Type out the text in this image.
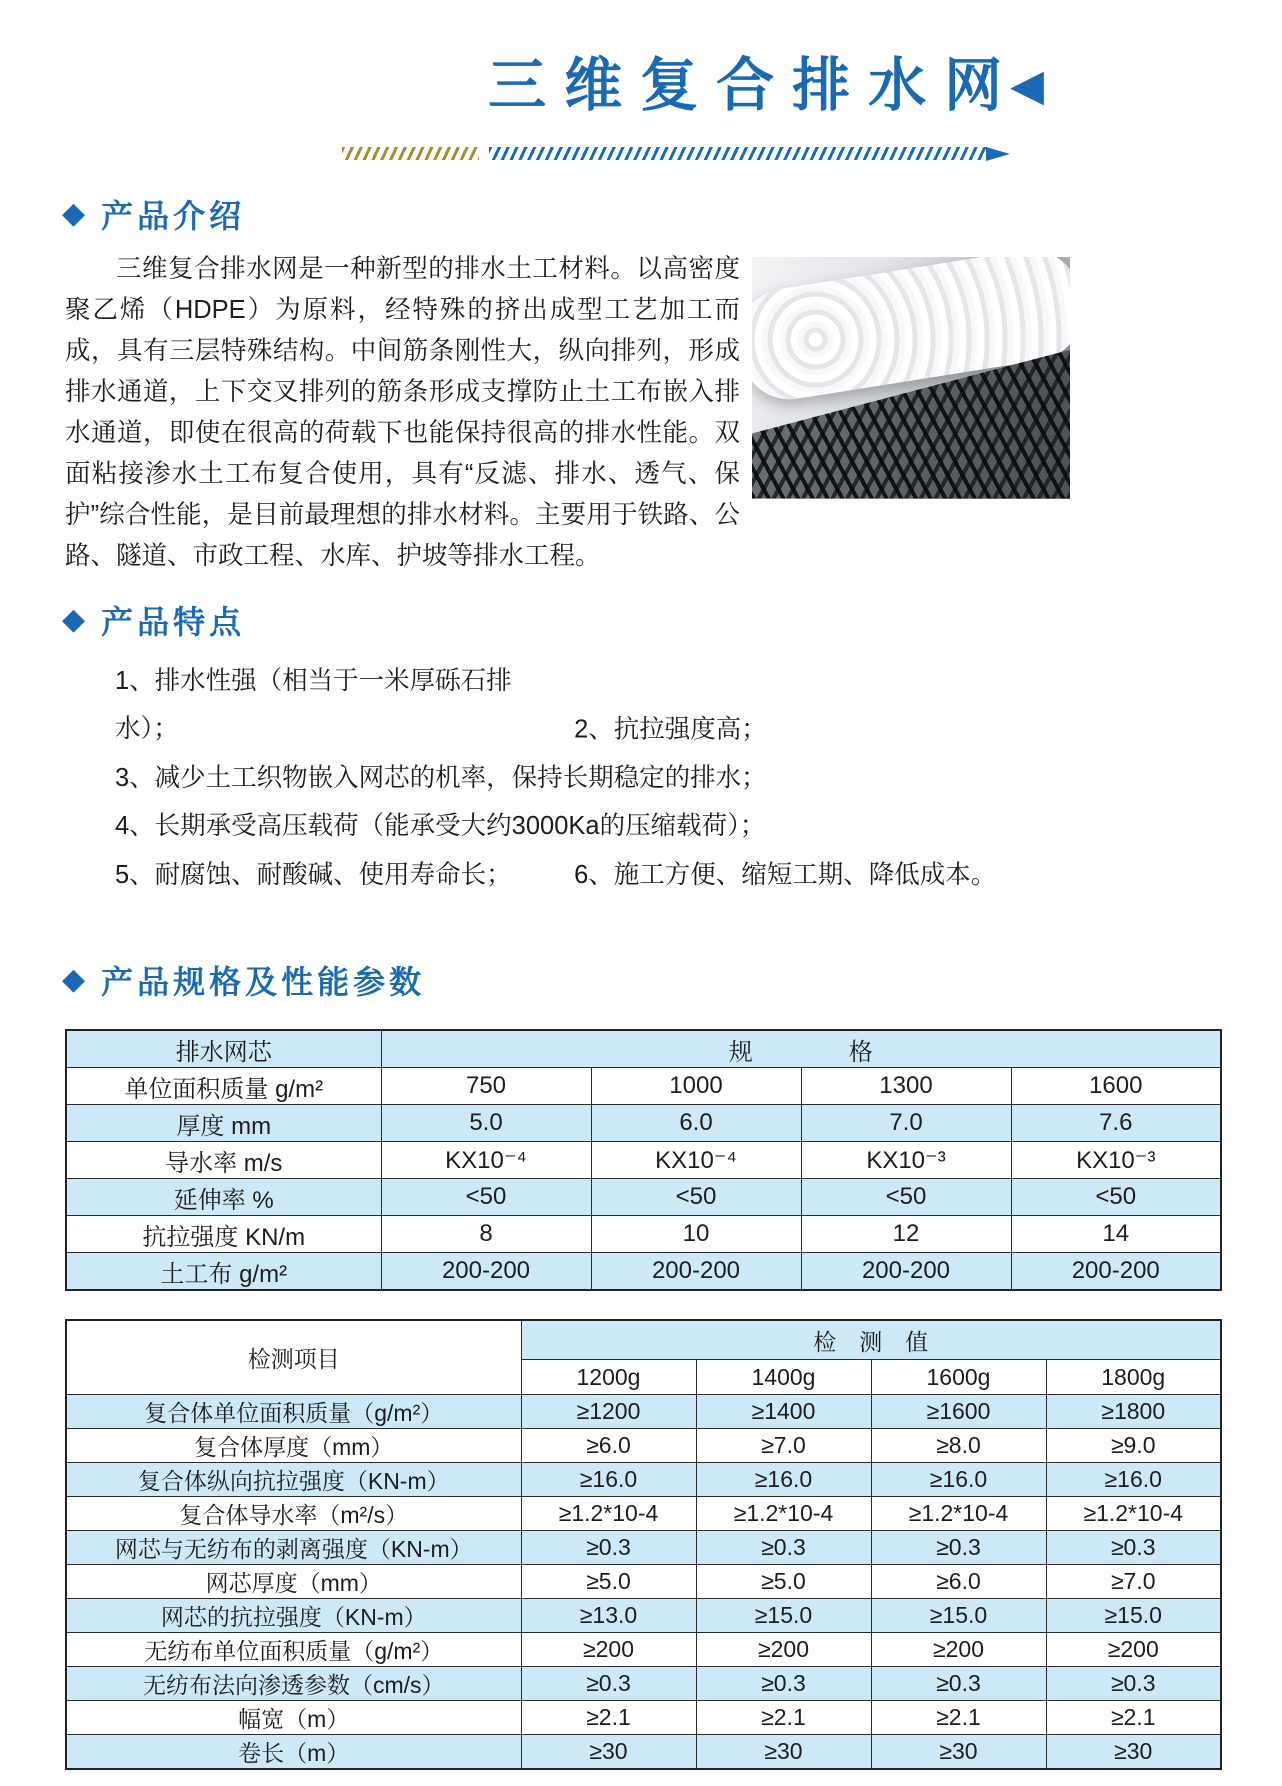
三维复合排水网
◀
◆ 产品介绍

三维复合排水网是一种新型的排水土工材料。以高密度聚乙烯（HDPE）为原料，经特殊的挤出成型工艺加工而成，具有三层特殊结构。中间筋条刚性大，纵向排列，形成排水通道，上下交叉排列的筋条形成支撑防止土工布嵌入排水通道，即使在很高的荷载下也能保持很高的排水性能。双面粘接渗水土工布复合使用，具有“反滤、排水、透气、保护”综合性能，是目前最理想的排水材料。主要用于铁路、公路、隧道、市政工程、水库、护坡等排水工程。

◆ 产品特点
1、排水性强（相当于一米厚砾石排水）；	2、抗拉强度高；
3、减少土工织物嵌入网芯的机率，保持长期稳定的排水；
4、长期承受高压载荷（能承受大约3000Ka的压缩载荷）；
5、耐腐蚀、耐酸碱、使用寿命长； 6、施工方便、缩短工期、降低成本。
◆ 产品规格及性能参数
排水网芯	规　　　　格			
单位面积质量 g/m²	750	1000	1300	1600
厚度 mm	5.0	6.0	7.0	7.6
导水率 m/s	KX10⁻⁴	KX10⁻⁴	KX10⁻³	KX10⁻³
延伸率 %	<50	<50	<50	<50
抗拉强度 KN/m	8	10	12	14
土工布 g/m²	200-200	200-200	200-200	200-200
检测项目	检　测　值			
	1200g	1400g	1600g	1800g
复合体单位面积质量（g/m²）	≥1200	≥1400	≥1600	≥1800
复合体厚度（mm）	≥6.0	≥7.0	≥8.0	≥9.0
复合体纵向抗拉强度（KN-m）	≥16.0	≥16.0	≥16.0	≥16.0
复合体导水率（m²/s）	≥1.2*10-4	≥1.2*10-4	≥1.2*10-4	≥1.2*10-4
网芯与无纺布的剥离强度（KN-m）	≥0.3	≥0.3	≥0.3	≥0.3
网芯厚度（mm）	≥5.0	≥5.0	≥6.0	≥7.0
网芯的抗拉强度（KN-m）	≥13.0	≥15.0	≥15.0	≥15.0
无纺布单位面积质量（g/m²）	≥200	≥200	≥200	≥200
无纺布法向渗透参数（cm/s）	≥0.3	≥0.3	≥0.3	≥0.3
幅宽（m）	≥2.1	≥2.1	≥2.1	≥2.1
卷长（m）	≥30	≥30	≥30	≥30
